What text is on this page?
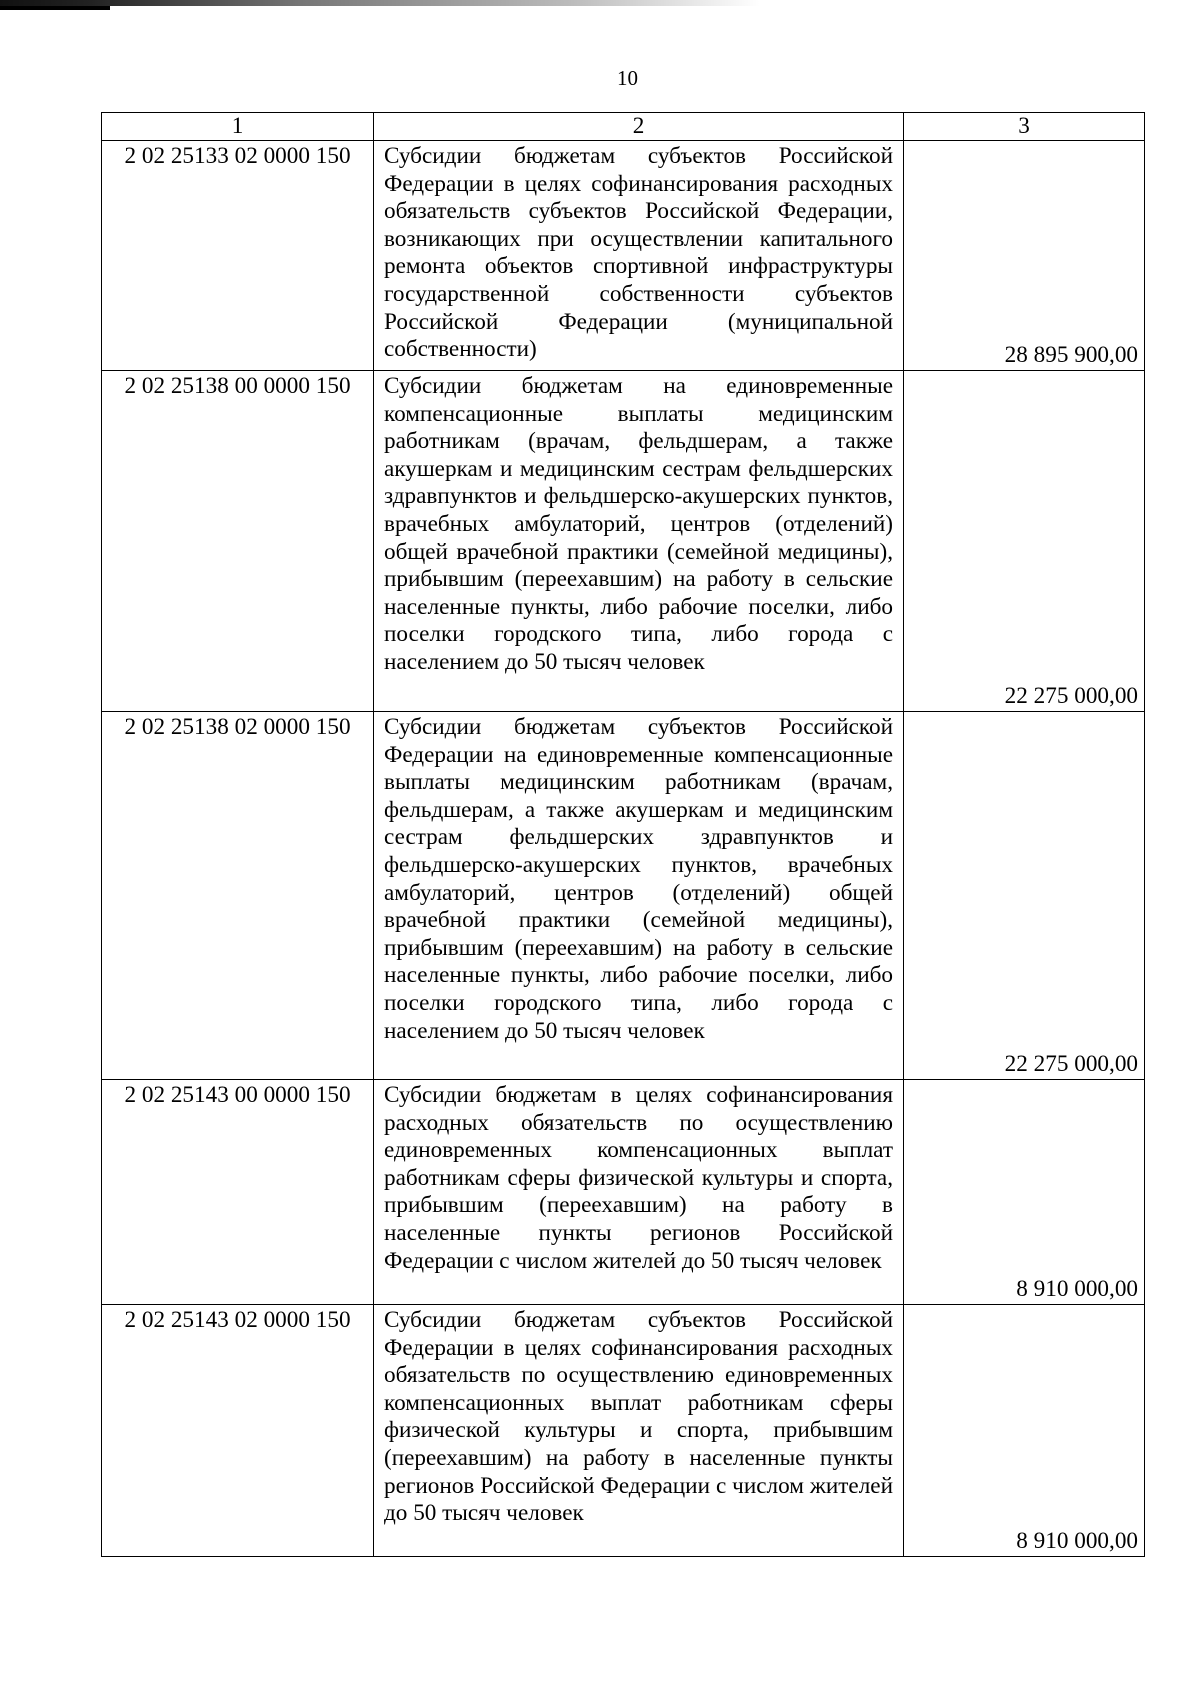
10
1	2	3
2 02 25133 02 0000 150	Субсидии бюджетам субъектов Российской Федерации в целях софинансирования расходных обязательств субъектов Российской Федерации, возникающих при осуществлении капитального ремонта объектов спортивной инфраструктуры государственной собственности субъектов Российской Федерации (муниципальной собственности)	28 895 900,00
2 02 25138 00 0000 150	Субсидии бюджетам на единовременные компенсационные выплаты медицинским работникам (врачам, фельдшерам, а также акушеркам и медицинским сестрам фельдшерских здравпунктов и фельдшерско-акушерских пунктов, врачебных амбулаторий, центров (отделений) общей врачебной практики (семейной медицины), прибывшим (переехавшим) на работу в сельские населенные пункты, либо рабочие поселки, либо поселки городского типа, либо города с населением до 50 тысяч человек	22 275 000,00
2 02 25138 02 0000 150	Субсидии бюджетам субъектов Российской Федерации на единовременные компенсационные выплаты медицинским работникам (врачам, фельдшерам, а также акушеркам и медицинским сестрам фельдшерских здравпунктов и фельдшерско-акушерских пунктов, врачебных амбулаторий, центров (отделений) общей врачебной практики (семейной медицины), прибывшим (переехавшим) на работу в сельские населенные пункты, либо рабочие поселки, либо поселки городского типа, либо города с населением до 50 тысяч человек	22 275 000,00
2 02 25143 00 0000 150	Субсидии бюджетам в целях софинансирования расходных обязательств по осуществлению единовременных компенсационных выплат работникам сферы физической культуры и спорта, прибывшим (переехавшим) на работу в населенные пункты регионов Российской Федерации с числом жителей до 50 тысяч человек	8 910 000,00
2 02 25143 02 0000 150	Субсидии бюджетам субъектов Российской Федерации в целях софинансирования расходных обязательств по осуществлению единовременных компенсационных выплат работникам сферы физической культуры и спорта, прибывшим (переехавшим) на работу в населенные пункты регионов Российской Федерации с числом жителей до 50 тысяч человек	8 910 000,00
